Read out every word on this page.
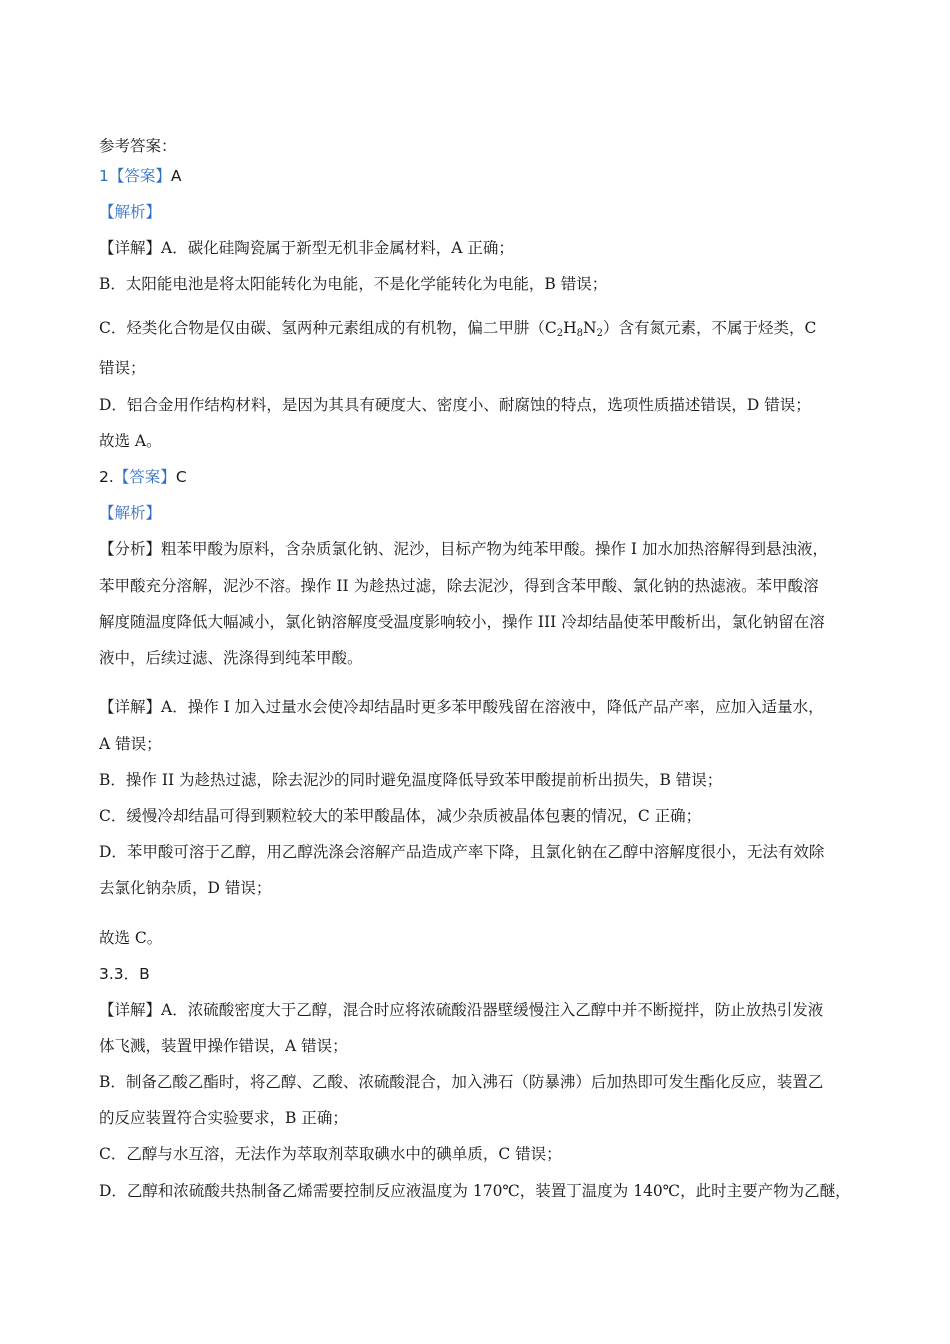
参考答案：
1【答案】A
【解析】
【详解】A．碳化硅陶瓷属于新型无机非金属材料，A 正确；
B．太阳能电池是将太阳能转化为电能，不是化学能转化为电能，B 错误；
C．烃类化合物是仅由碳、氢两种元素组成的有机物，偏二甲肼$(C_2H_8N_2)$含有氮元素，不属于烃类，C
错误；
D．铝合金用作结构材料，是因为其具有硬度大、密度小、耐腐蚀的特点，选项性质描述错误，D 错误；
故选 A。
2.【答案】C
【解析】
【分析】粗苯甲酸为原料，含杂质氯化钠、泥沙，目标产物为纯苯甲酸。操作 I 加水加热溶解得到悬浊液，
苯甲酸充分溶解，泥沙不溶。操作 II 为趁热过滤，除去泥沙，得到含苯甲酸、氯化钠的热滤液。苯甲酸溶
解度随温度降低大幅减小，氯化钠溶解度受温度影响较小，操作 III 冷却结晶使苯甲酸析出，氯化钠留在溶
液中，后续过滤、洗涤得到纯苯甲酸。
【详解】A．操作 I 加入过量水会使冷却结晶时更多苯甲酸残留在溶液中，降低产品产率，应加入适量水，
A 错误；
B．操作 II 为趁热过滤，除去泥沙的同时避免温度降低导致苯甲酸提前析出损失，B 错误；
C．缓慢冷却结晶可得到颗粒较大的苯甲酸晶体，减少杂质被晶体包裹的情况，C 正确；
D．苯甲酸可溶于乙醇，用乙醇洗涤会溶解产品造成产率下降，且氯化钠在乙醇中溶解度很小，无法有效除
去氯化钠杂质，D 错误；
故选 C。
3.3．B
【详解】A．浓硫酸密度大于乙醇，混合时应将浓硫酸沿器壁缓慢注入乙醇中并不断搅拌，防止放热引发液
体飞溅，装置甲操作错误，A 错误；
B．制备乙酸乙酯时，将乙醇、乙酸、浓硫酸混合，加入沸石（防暴沸）后加热即可发生酯化反应，装置乙
的反应装置符合实验要求，B 正确；
C．乙醇与水互溶，无法作为萃取剂萃取碘水中的碘单质，C 错误；
D．乙醇和浓硫酸共热制备乙烯需要控制反应液温度为 170℃，装置丁温度为 140℃，此时主要产物为乙醚，
